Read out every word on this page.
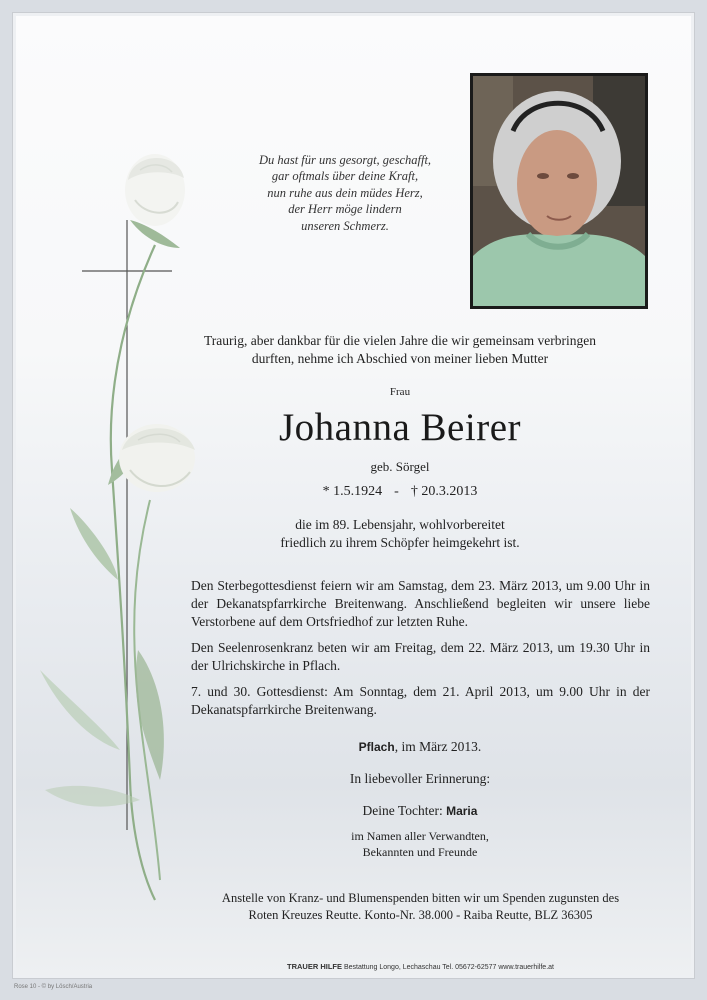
Du hast für uns gesorgt, geschafft,
gar oftmals über deine Kraft,
nun ruhe aus dein müdes Herz,
der Herr möge lindern
unseren Schmerz.
Traurig, aber dankbar für die vielen Jahre die wir gemeinsam verbringen
durften, nehme ich Abschied von meiner lieben Mutter
Frau
Johanna Beirer
geb. Sörgel
* 1.5.1924 - † 20.3.2013
die im 89. Lebensjahr, wohlvorbereitet
friedlich zu ihrem Schöpfer heimgekehrt ist.

Den Sterbegottesdienst feiern wir am Samstag, dem 23. März 2013, um 9.00 Uhr in der Dekanatspfarrkirche Breitenwang. Anschließend begleiten wir unsere liebe Verstorbene auf dem Ortsfriedhof zur letzten Ruhe.

Den Seelenrosenkranz beten wir am Freitag, dem 22. März 2013, um 19.30 Uhr in der Ulrichskirche in Pflach.

7. und 30. Gottesdienst: Am Sonntag, dem 21. April 2013, um 9.00 Uhr in der Dekanatspfarrkirche Breitenwang.

Pflach, im März 2013.
In liebevoller Erinnerung:
Deine Tochter: Maria
im Namen aller Verwandten,
Bekannten und Freunde
Anstelle von Kranz- und Blumenspenden bitten wir um Spenden zugunsten des
Roten Kreuzes Reutte. Konto-Nr. 38.000 - Raiba Reutte, BLZ 36305
TRAUER HILFE Bestattung Longo, Lechaschau Tel. 05672-62577 www.trauerhilfe.at
Rose 10 - © by Lösch/Austria
